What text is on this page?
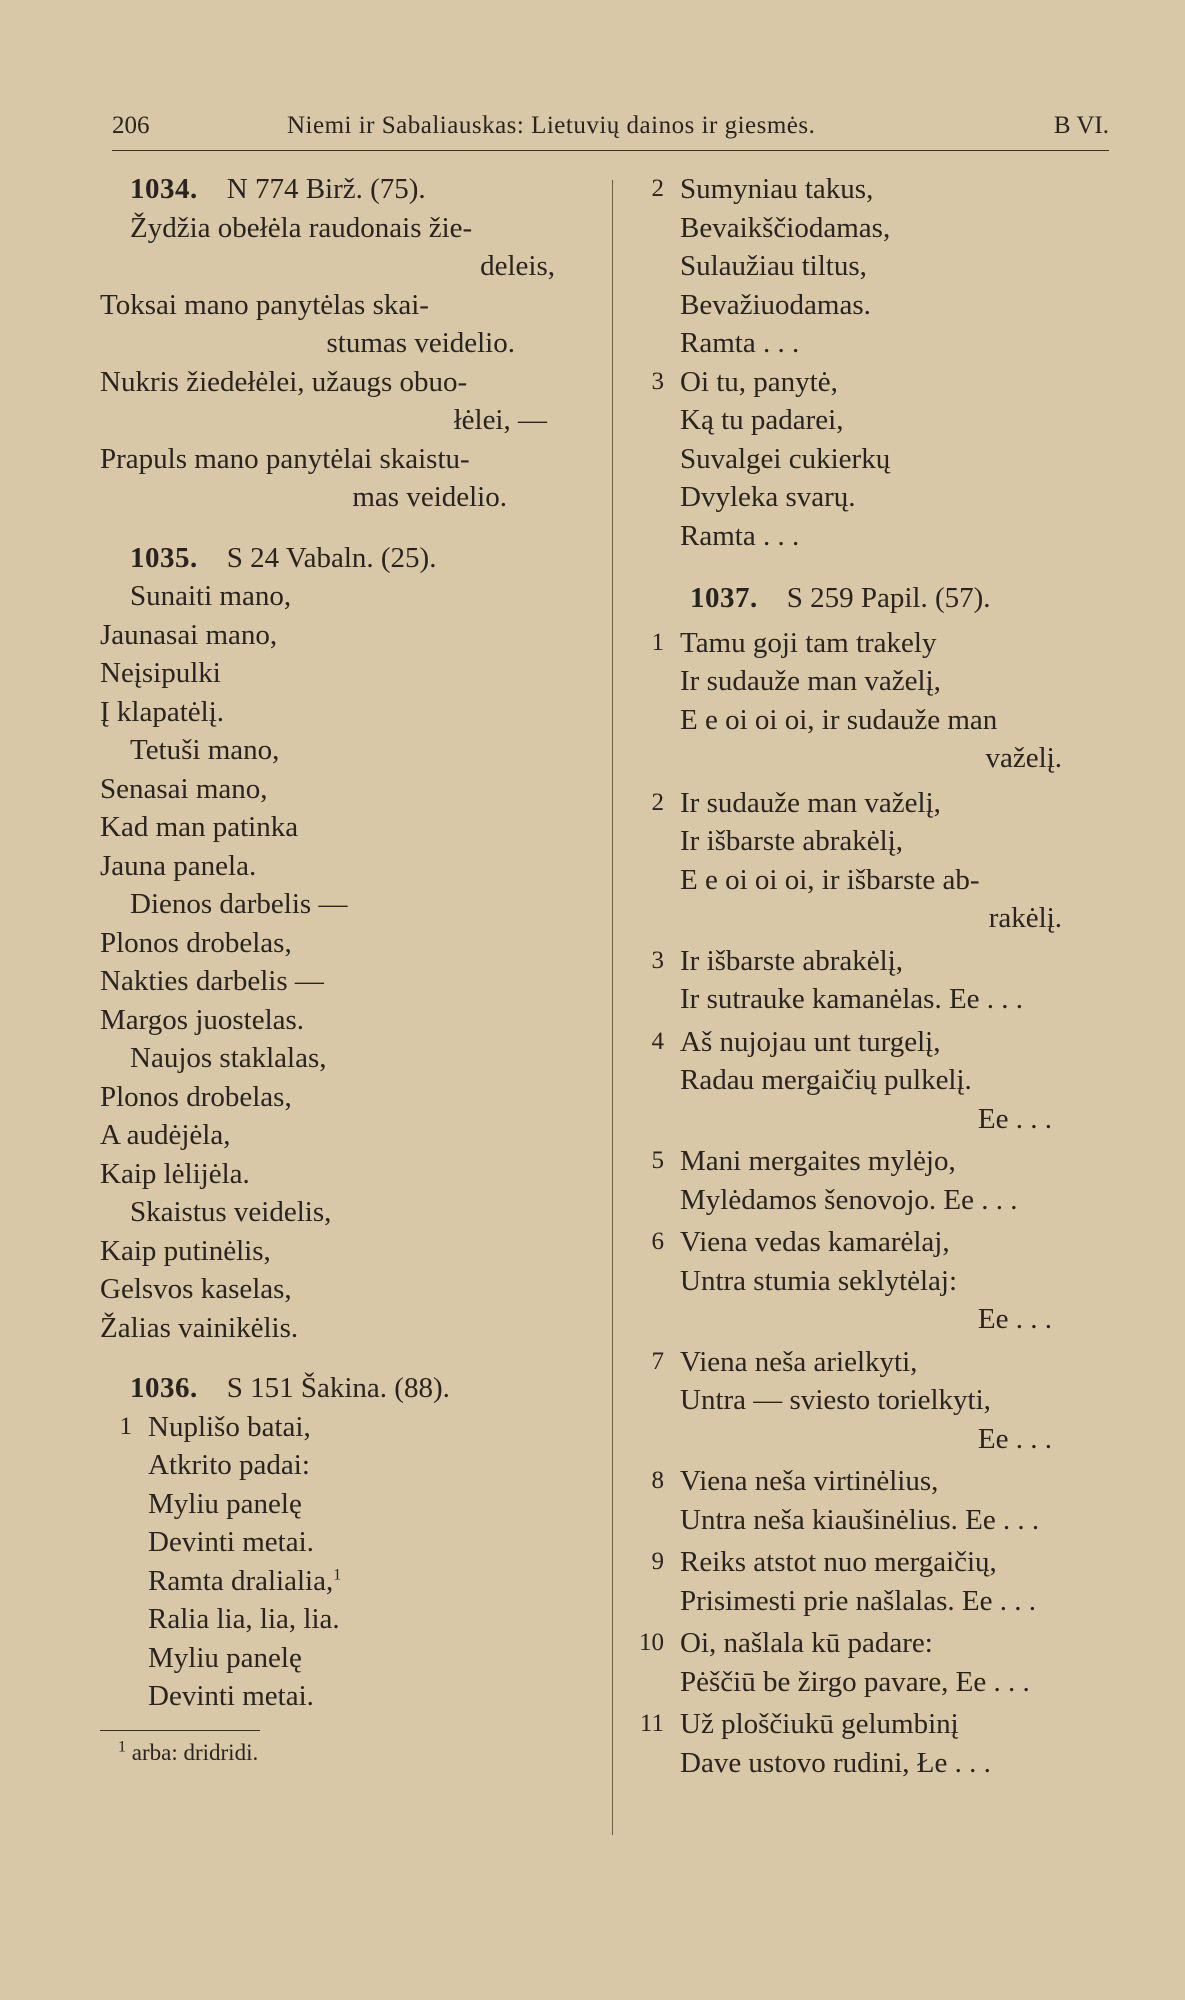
206	Niemi ir Sabaliauskas: Lietuvių dainos ir giesmės.	B VI.
1034. N 774 Birž. (75).
Žydžia obełėla raudonais žie-
deleis,
Toksai mano panytėlas skai-
stumas veidelio.
Nukris žiedełėlei, užaugs obuo-
łėlei, —
Prapuls mano panytėlai skaistu-
mas veidelio.
1035. S 24 Vabaln. (25).
Sunaiti mano,
Jaunasai mano,
Neįsipulki
Į klapatėlį.
Tetuši mano,
Senasai mano,
Kad man patinka
Jauna panela.
Dienos darbelis —
Plonos drobelas,
Nakties darbelis —
Margos juostelas.
Naujos staklalas,
Plonos drobelas,
A audėjėla,
Kaip lėlijėla.
Skaistus veidelis,
Kaip putinėlis,
Gelsvos kaselas,
Žalias vainikėlis.
1036. S 151 Šakina. (88).
1 Nuplišo batai,
Atkrito padai:
Myliu panelę
Devinti metai.
Ramta dralialia,$^1$
Ralia lia, lia, lia.
Myliu panelę
Devinti metai.
$^1$ arba: dridridi.
2 Sumyniau takus,
Bevaikščiodamas,
Sulaužiau tiltus,
Bevažiuodamas.
Ramta . . .
3 Oi tu, panytė,
Ką tu padarei,
Suvalgei cukierkų
Dvyleka svarų.
Ramta . . .
1037. S 259 Papil. (57).
1 Tamu goji tam trakely
Ir sudauže man važelį,
E e oi oi oi, ir sudauže man
važelį.
2 Ir sudauže man važelį,
Ir išbarste abrakėlį,
E e oi oi oi, ir išbarste ab-
rakėlį.
3 Ir išbarste abrakėlį,
Ir sutrauke kamanėlas. Ee . . .
4 Aš nujojau unt turgelį,
Radau mergaičių pulkelį.
Ee . . .
5 Mani mergaites mylėjo,
Mylėdamos šenovojo. Ee . . .
6 Viena vedas kamarėlaj,
Untra stumia seklytėlaj:
Ee . . .
7 Viena neša arielkyti,
Untra — sviesto torielkyti,
Ee . . .
8 Viena neša virtinėlius,
Untra neša kiaušinėlius. Ee . . .
9 Reiks atstot nuo mergaičių,
Prisimesti prie našlalas. Ee . . .
10 Oi, našlala kū padare:
Pėščiū be žirgo pavare, Ee . . .
11 Už ploščiukū gelumbinį
Dave ustovo rudini, Łe . . .
